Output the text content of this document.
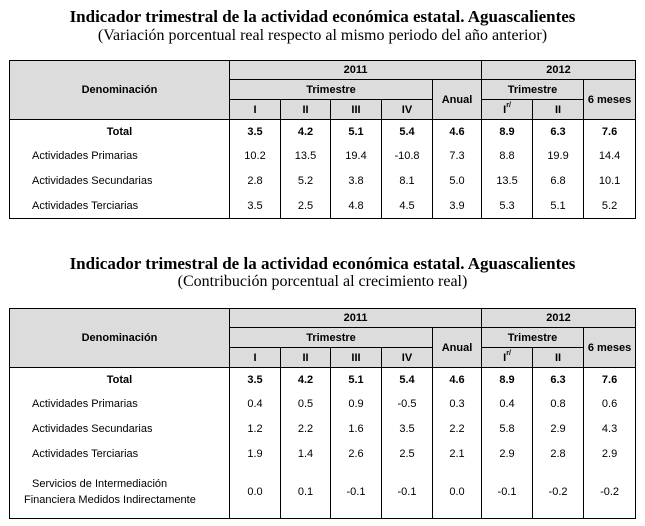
Indicador trimestral de la actividad económica estatal. Aguascalientes
(Variación porcentual real respecto al mismo periodo del año anterior)
Denominación	2011					2012		
	Trimestre				Anual	Trimestre		6 meses
	I	II	III	IV		$I^{r/}$	II	
Total	3.5	4.2	5.1	5.4	4.6	8.9	6.3	7.6
Actividades Primarias	10.2	13.5	19.4	-10.8	7.3	8.8	19.9	14.4
Actividades Secundarias	2.8	5.2	3.8	8.1	5.0	13.5	6.8	10.1
Actividades Terciarias	3.5	2.5	4.8	4.5	3.9	5.3	5.1	5.2
Indicador trimestral de la actividad económica estatal. Aguascalientes
(Contribución porcentual al crecimiento real)
Denominación	2011					2012		
	Trimestre				Anual	Trimestre		6 meses
	I	II	III	IV		$I^{r/}$	II	
Total	3.5	4.2	5.1	5.4	4.6	8.9	6.3	7.6
Actividades Primarias	0.4	0.5	0.9	-0.5	0.3	0.4	0.8	0.6
Actividades Secundarias	1.2	2.2	1.6	3.5	2.2	5.8	2.9	4.3
Actividades Terciarias	1.9	1.4	2.6	2.5	2.1	2.9	2.8	2.9

Servicios de Intermediación
Financiera Medidos Indirectamente	0.0	0.1	-0.1	-0.1	0.0	-0.1	-0.2	-0.2
